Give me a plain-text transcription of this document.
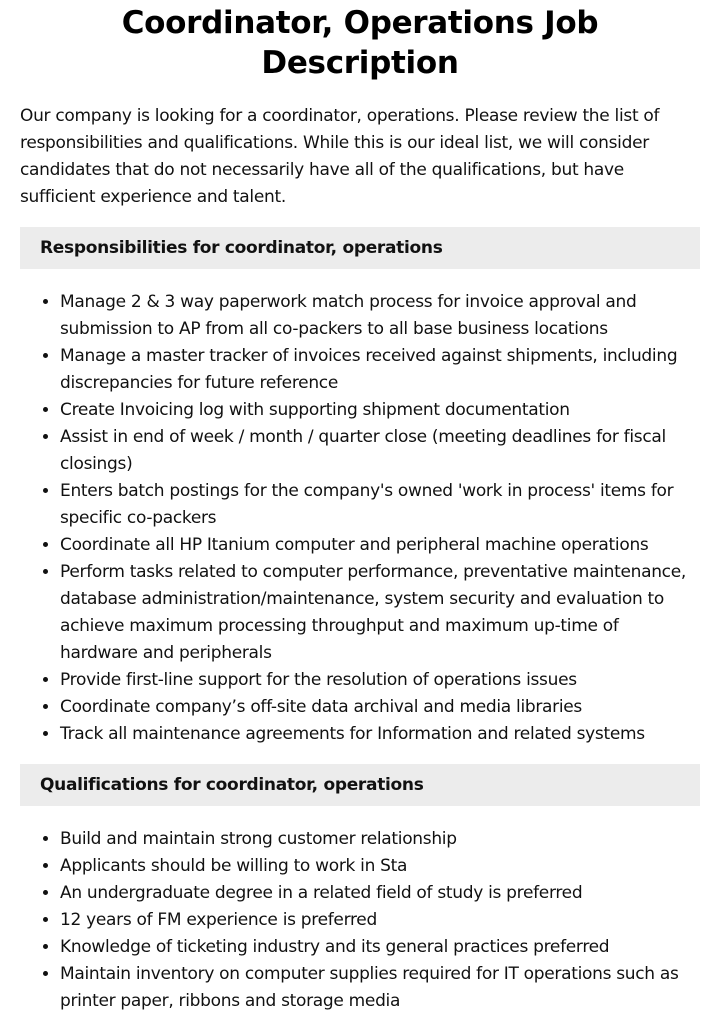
Coordinator, Operations Job Description

Our company is looking for a coordinator, operations. Please review the list of responsibilities and qualifications. While this is our ideal list, we will consider candidates that do not necessarily have all of the qualifications, but have sufficient experience and talent.

Responsibilities for coordinator, operations
• Manage 2 & 3 way paperwork match process for invoice approval and submission to AP from all co-packers to all base business locations
• Manage a master tracker of invoices received against shipments, including discrepancies for future reference
• Create Invoicing log with supporting shipment documentation
• Assist in end of week / month / quarter close (meeting deadlines for fiscal closings)
• Enters batch postings for the company's owned 'work in process' items for specific co-packers
• Coordinate all HP Itanium computer and peripheral machine operations
• Perform tasks related to computer performance, preventative maintenance, database administration/maintenance, system security and evaluation to achieve maximum processing throughput and maximum up-time of hardware and peripherals
• Provide first-line support for the resolution of operations issues
• Coordinate company’s off-site data archival and media libraries
• Track all maintenance agreements for Information and related systems
Qualifications for coordinator, operations
• Build and maintain strong customer relationship
• Applicants should be willing to work in Sta
• An undergraduate degree in a related field of study is preferred
• 12 years of FM experience is preferred
• Knowledge of ticketing industry and its general practices preferred
• Maintain inventory on computer supplies required for IT operations such as printer paper, ribbons and storage media
